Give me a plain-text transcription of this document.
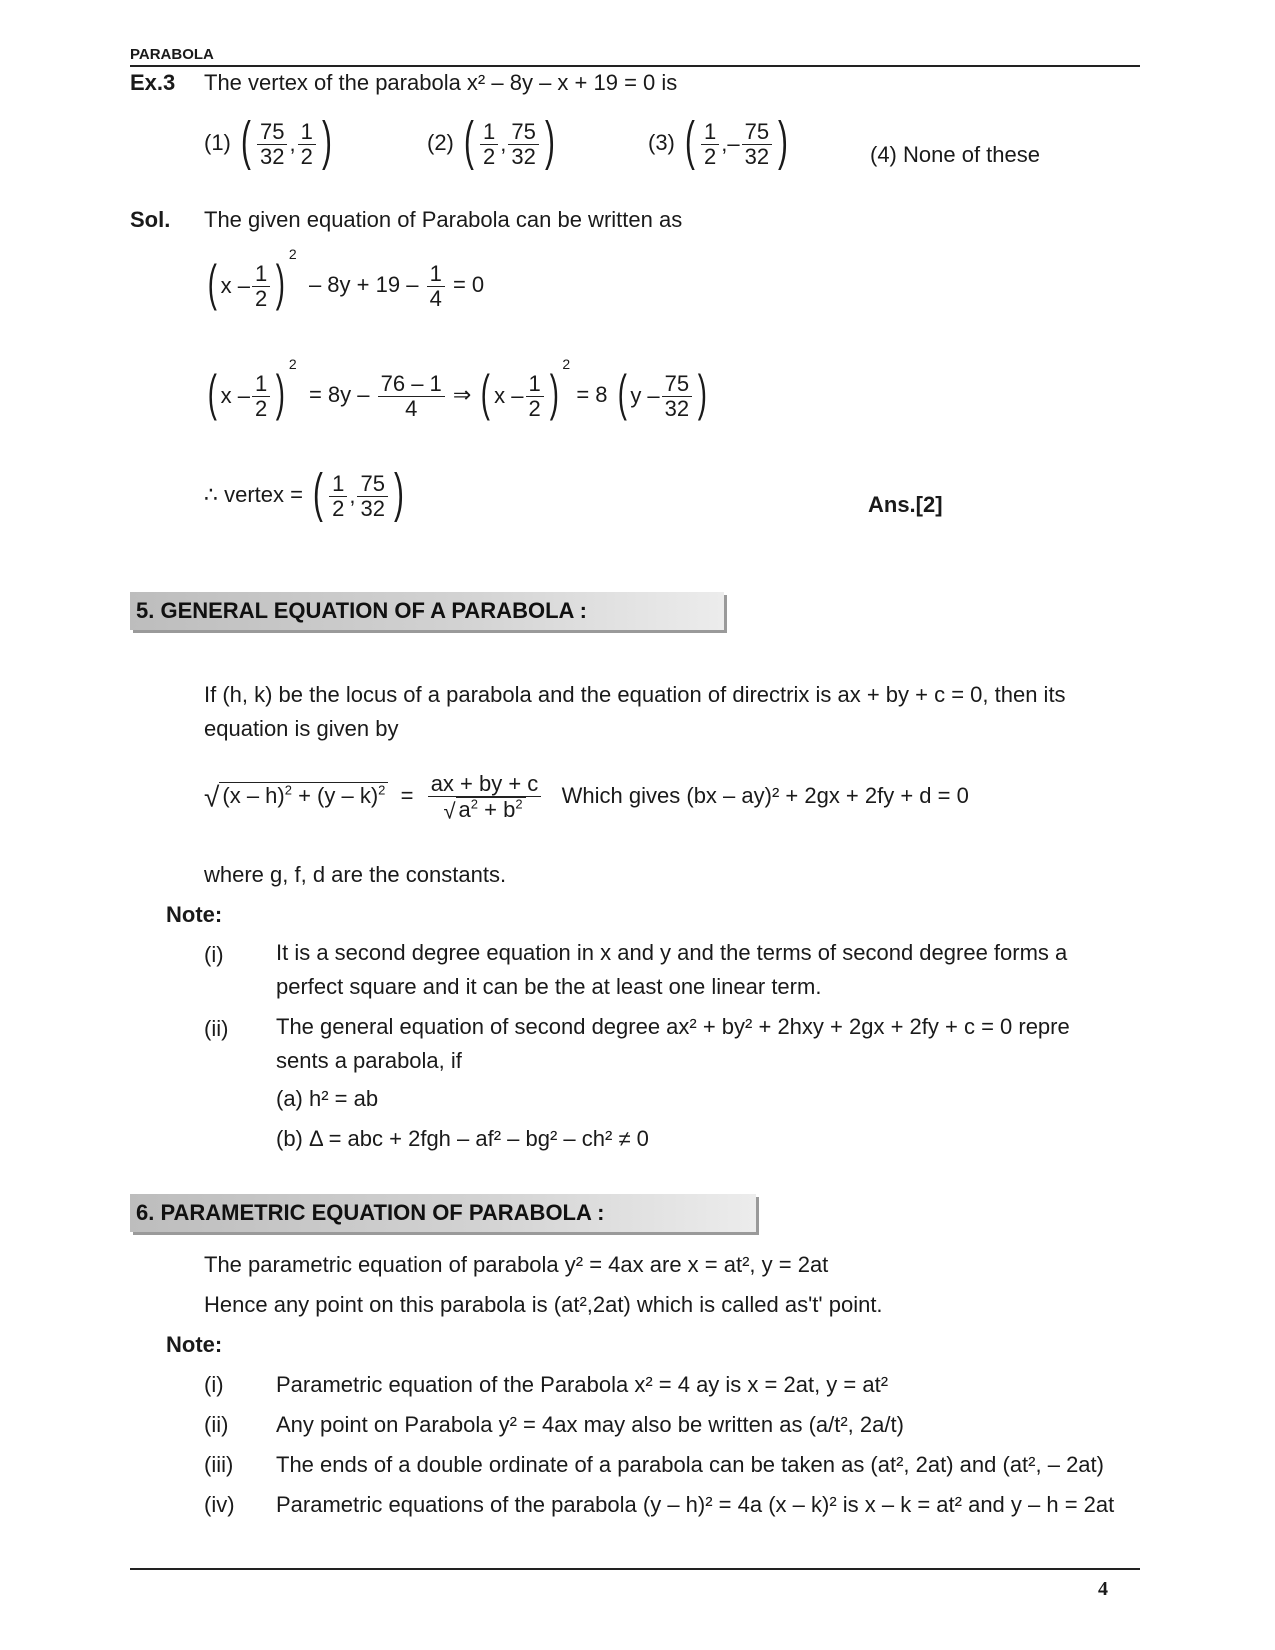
PARABOLA
Ex.3 The vertex of the parabola x² – 8y – x + 19 = 0 is
(1) ( $\frac{75}{32}$ , $\frac{1}{2}$ )	(2) ( $\frac{1}{2}$ , $\frac{75}{32}$ )	(3) ( $\frac{1}{2}$ ,– $\frac{75}{32}$ )	(4) None of these
Sol. The given equation of Parabola can be written as
( x – $\frac{1}{2}$ )
$^2 - 8y + 19 - \frac{1}{4} = 0$
( x – $\frac{1}{2}$ )
$^2 = 8y - \frac{76 - 1}{4}$ ⇒ ( x – $\frac{1}{2}$ )
$^2$ = 8 ( y – $\frac{75}{32}$ )
∴ vertex = ( $\frac{1}{2}$ , $\frac{75}{32}$ )	Ans.[2]
5. GENERAL EQUATION OF A PARABOLA :
If (h, k) be the locus of a parabola and the equation of directrix is ax + by + c = 0, then its
equation is given by
√ $(x - h)^2 + (y - k)^2 = \frac{ax + by + c}{√ a^2 + b^2}$ Which gives (bx – ay)² + 2gx + 2fy + d = 0
where g, f, d are the constants.
Note:
(i) It is a second degree equation in x and y and the terms of second degree forms a
perfect square and it can be the at least one linear term.
(ii) The general equation of second degree ax² + by² + 2hxy + 2gx + 2fy + c = 0 repre
sents a parabola, if
(a) h² = ab
(b) Δ = abc + 2fgh – af² – bg² – ch² ≠ 0
6. PARAMETRIC EQUATION OF PARABOLA :
The parametric equation of parabola y² = 4ax are x = at², y = 2at
Hence any point on this parabola is (at²,2at) which is called as't' point.
Note:
(i) Parametric equation of the Parabola x² = 4 ay is x = 2at, y = at²
(ii) Any point on Parabola y² = 4ax may also be written as (a/t², 2a/t)
(iii) The ends of a double ordinate of a parabola can be taken as (at², 2at) and (at², – 2at)
(iv) Parametric equations of the parabola (y – h)² = 4a (x – k)² is x – k = at² and y – h = 2at
4
